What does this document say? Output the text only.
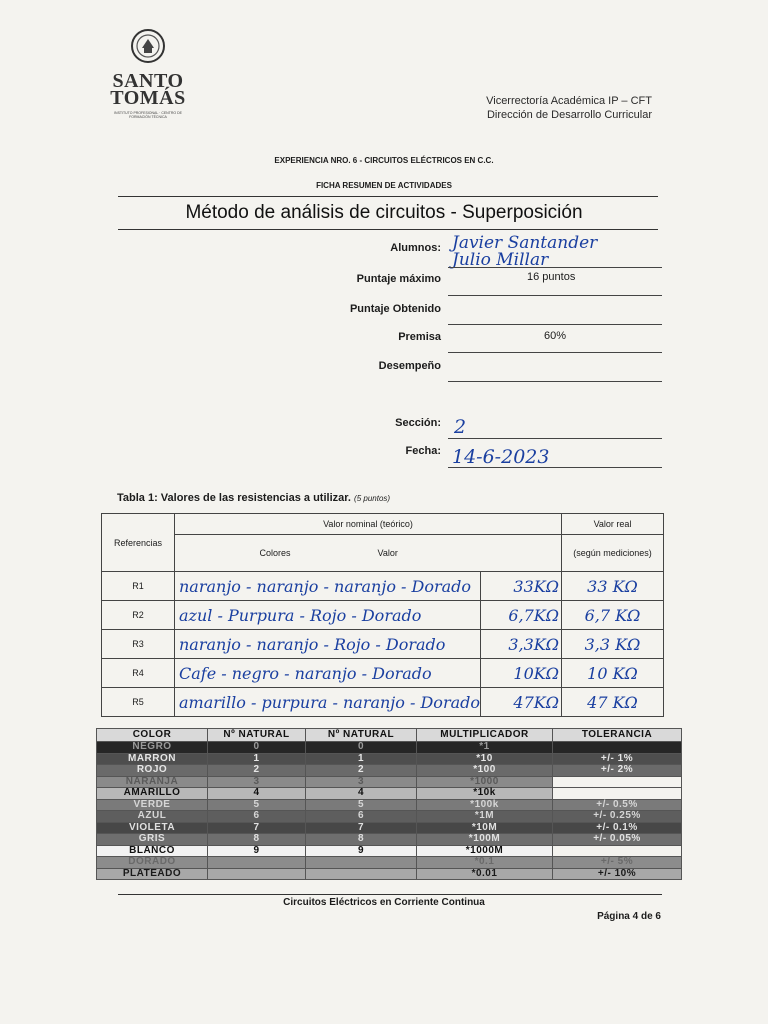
SANTO
TOMÁS
INSTITUTO PROFESIONAL · CENTRO DE FORMACIÓN TÉCNICA
Vicerrectoría Académica IP – CFT
Dirección de Desarrollo Curricular
EXPERIENCIA NRO. 6 - CIRCUITOS ELÉCTRICOS EN C.C.
FICHA RESUMEN DE ACTIVIDADES
Método de análisis de circuitos - Superposición
Alumnos: Javier Santander
Julio Millar
Puntaje máximo	16 puntos
Puntaje Obtenido
Premisa	60%
Desempeño
Sección: 2
Fecha: 14-6-2023
Tabla 1: Valores de las resistencias a utilizar. (5 puntos)
Referencias	Valor nominal (teórico)		Valor real
	Colores Valor		(según mediciones)
R1	naranjo - naranjo - naranjo - Dorado	33KΩ	33 KΩ
R2	azul - Purpura - Rojo - Dorado	6,7KΩ	6,7 KΩ
R3	naranjo - naranjo - Rojo - Dorado	3,3KΩ	3,3 KΩ
R4	Cafe - negro - naranjo - Dorado	10KΩ	10 KΩ
R5	amarillo - purpura - naranjo - Dorado	47KΩ	47 KΩ
COLOR	Nº NATURAL	Nº NATURAL	MULTIPLICADOR	TOLERANCIA
NEGRO	0	0	*1	
MARRON	1	1	*10	+/- 1%
ROJO	2	2	*100	+/- 2%
NARANJA	3	3	*1000	
AMARILLO	4	4	*10k	
VERDE	5	5	*100k	+/- 0.5%
AZUL	6	6	*1M	+/- 0.25%
VIOLETA	7	7	*10M	+/- 0.1%
GRIS	8	8	*100M	+/- 0.05%
BLANCO	9	9	*1000M	
DORADO			*0.1	+/- 5%
PLATEADO			*0.01	+/- 10%
Circuitos Eléctricos en Corriente Continua
Página 4 de 6
